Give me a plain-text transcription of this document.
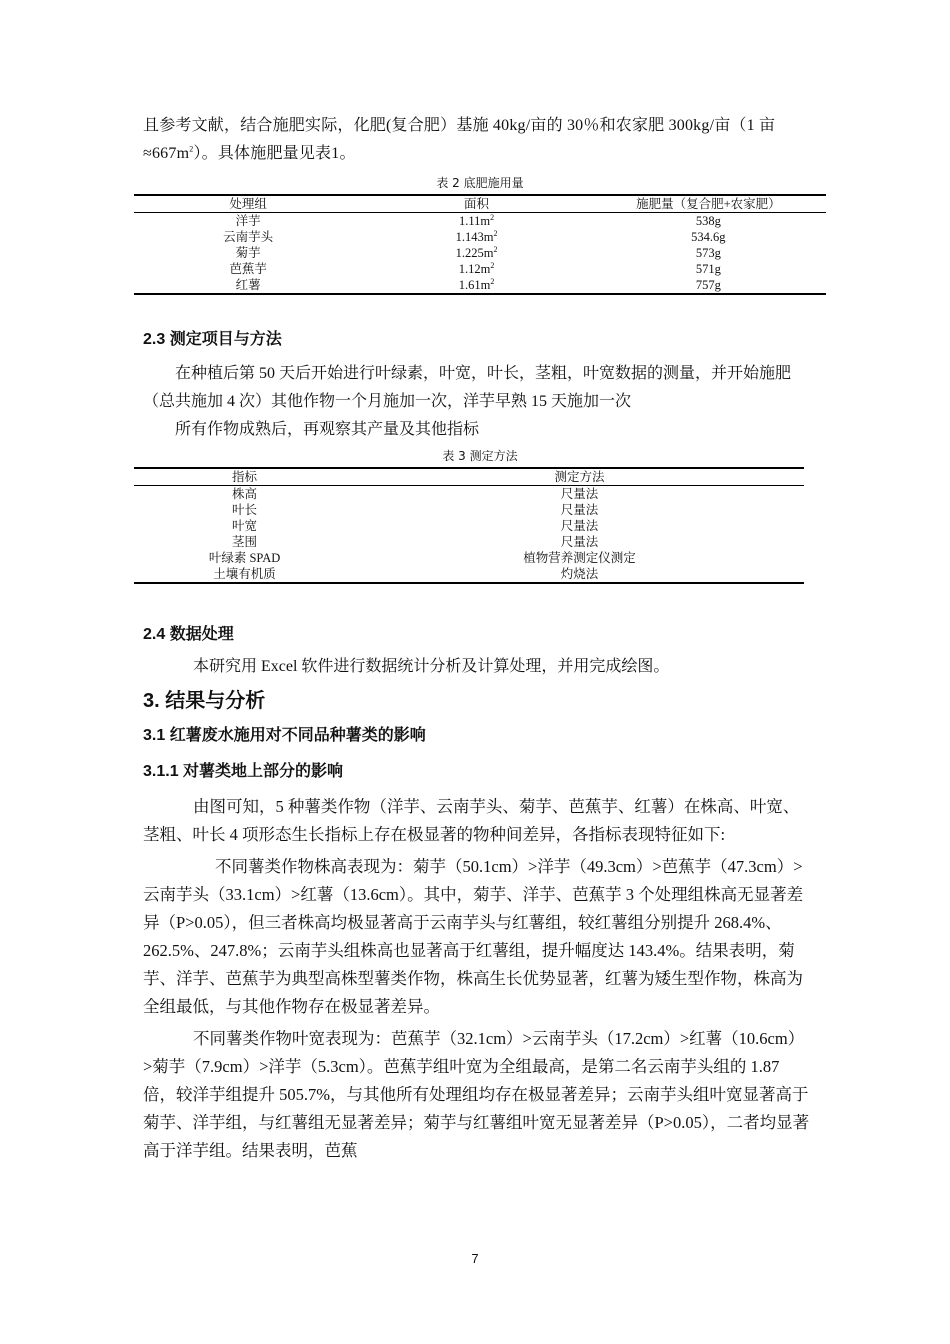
且参考文献，结合施肥实际，化肥(复合肥）基施 40kg/亩的 30％和农家肥 300kg/亩（1 亩$\approx 667m^2$）。具体施肥量见表1。

表 2 底肥施用量
处理组	面积	施肥量（复合肥+农家肥）
洋芋	$1.11m^2$	538g
云南芋头	$1.143m^2$	534.6g
菊芋	$1.225m^2$	573g
芭蕉芋	$1.12m^2$	571g
红薯	$1.61m^2$	757g
2.3 测定项目与方法

在种植后第 50 天后开始进行叶绿素，叶宽，叶长，茎粗，叶宽数据的测量，并开始施肥（总共施加 4 次）其他作物一个月施加一次，洋芋早熟 15 天施加一次

所有作物成熟后，再观察其产量及其他指标

表 3 测定方法
指标	测定方法
株高	尺量法
叶长	尺量法
叶宽	尺量法
茎围	尺量法
叶绿素 SPAD	植物营养测定仪测定
土壤有机质	灼烧法
2.4 数据处理

本研究用 Excel 软件进行数据统计分析及计算处理，并用完成绘图。

3. 结果与分析
3.1 红薯废水施用对不同品种薯类的影响
3.1.1 对薯类地上部分的影响

由图可知，5 种薯类作物（洋芋、云南芋头、菊芋、芭蕉芋、红薯）在株高、叶宽、茎粗、叶长 4 项形态生长指标上存在极显著的物种间差异，各指标表现特征如下:

不同薯类作物株高表现为：菊芋（50.1cm）>洋芋（49.3cm）>芭蕉芋（47.3cm）>云南芋头（33.1cm）>红薯（13.6cm）。其中，菊芋、洋芋、芭蕉芋 3 个处理组株高无显著差异（P>0.05），但三者株高均极显著高于云南芋头与红薯组，较红薯组分别提升 268.4%、262.5%、247.8%；云南芋头组株高也显著高于红薯组，提升幅度达 143.4%。结果表明，菊芋、洋芋、芭蕉芋为典型高株型薯类作物，株高生长优势显著，红薯为矮生型作物，株高为全组最低，与其他作物存在极显著差异。

不同薯类作物叶宽表现为：芭蕉芋（32.1cm）>云南芋头（17.2cm）>红薯（10.6cm）>菊芋（7.9cm）>洋芋（5.3cm）。芭蕉芋组叶宽为全组最高，是第二名云南芋头组的 1.87 倍，较洋芋组提升 505.7%，与其他所有处理组均存在极显著差异；云南芋头组叶宽显著高于菊芋、洋芋组，与红薯组无显著差异；菊芋与红薯组叶宽无显著差异（P>0.05），二者均显著高于洋芋组。结果表明，芭蕉

7
